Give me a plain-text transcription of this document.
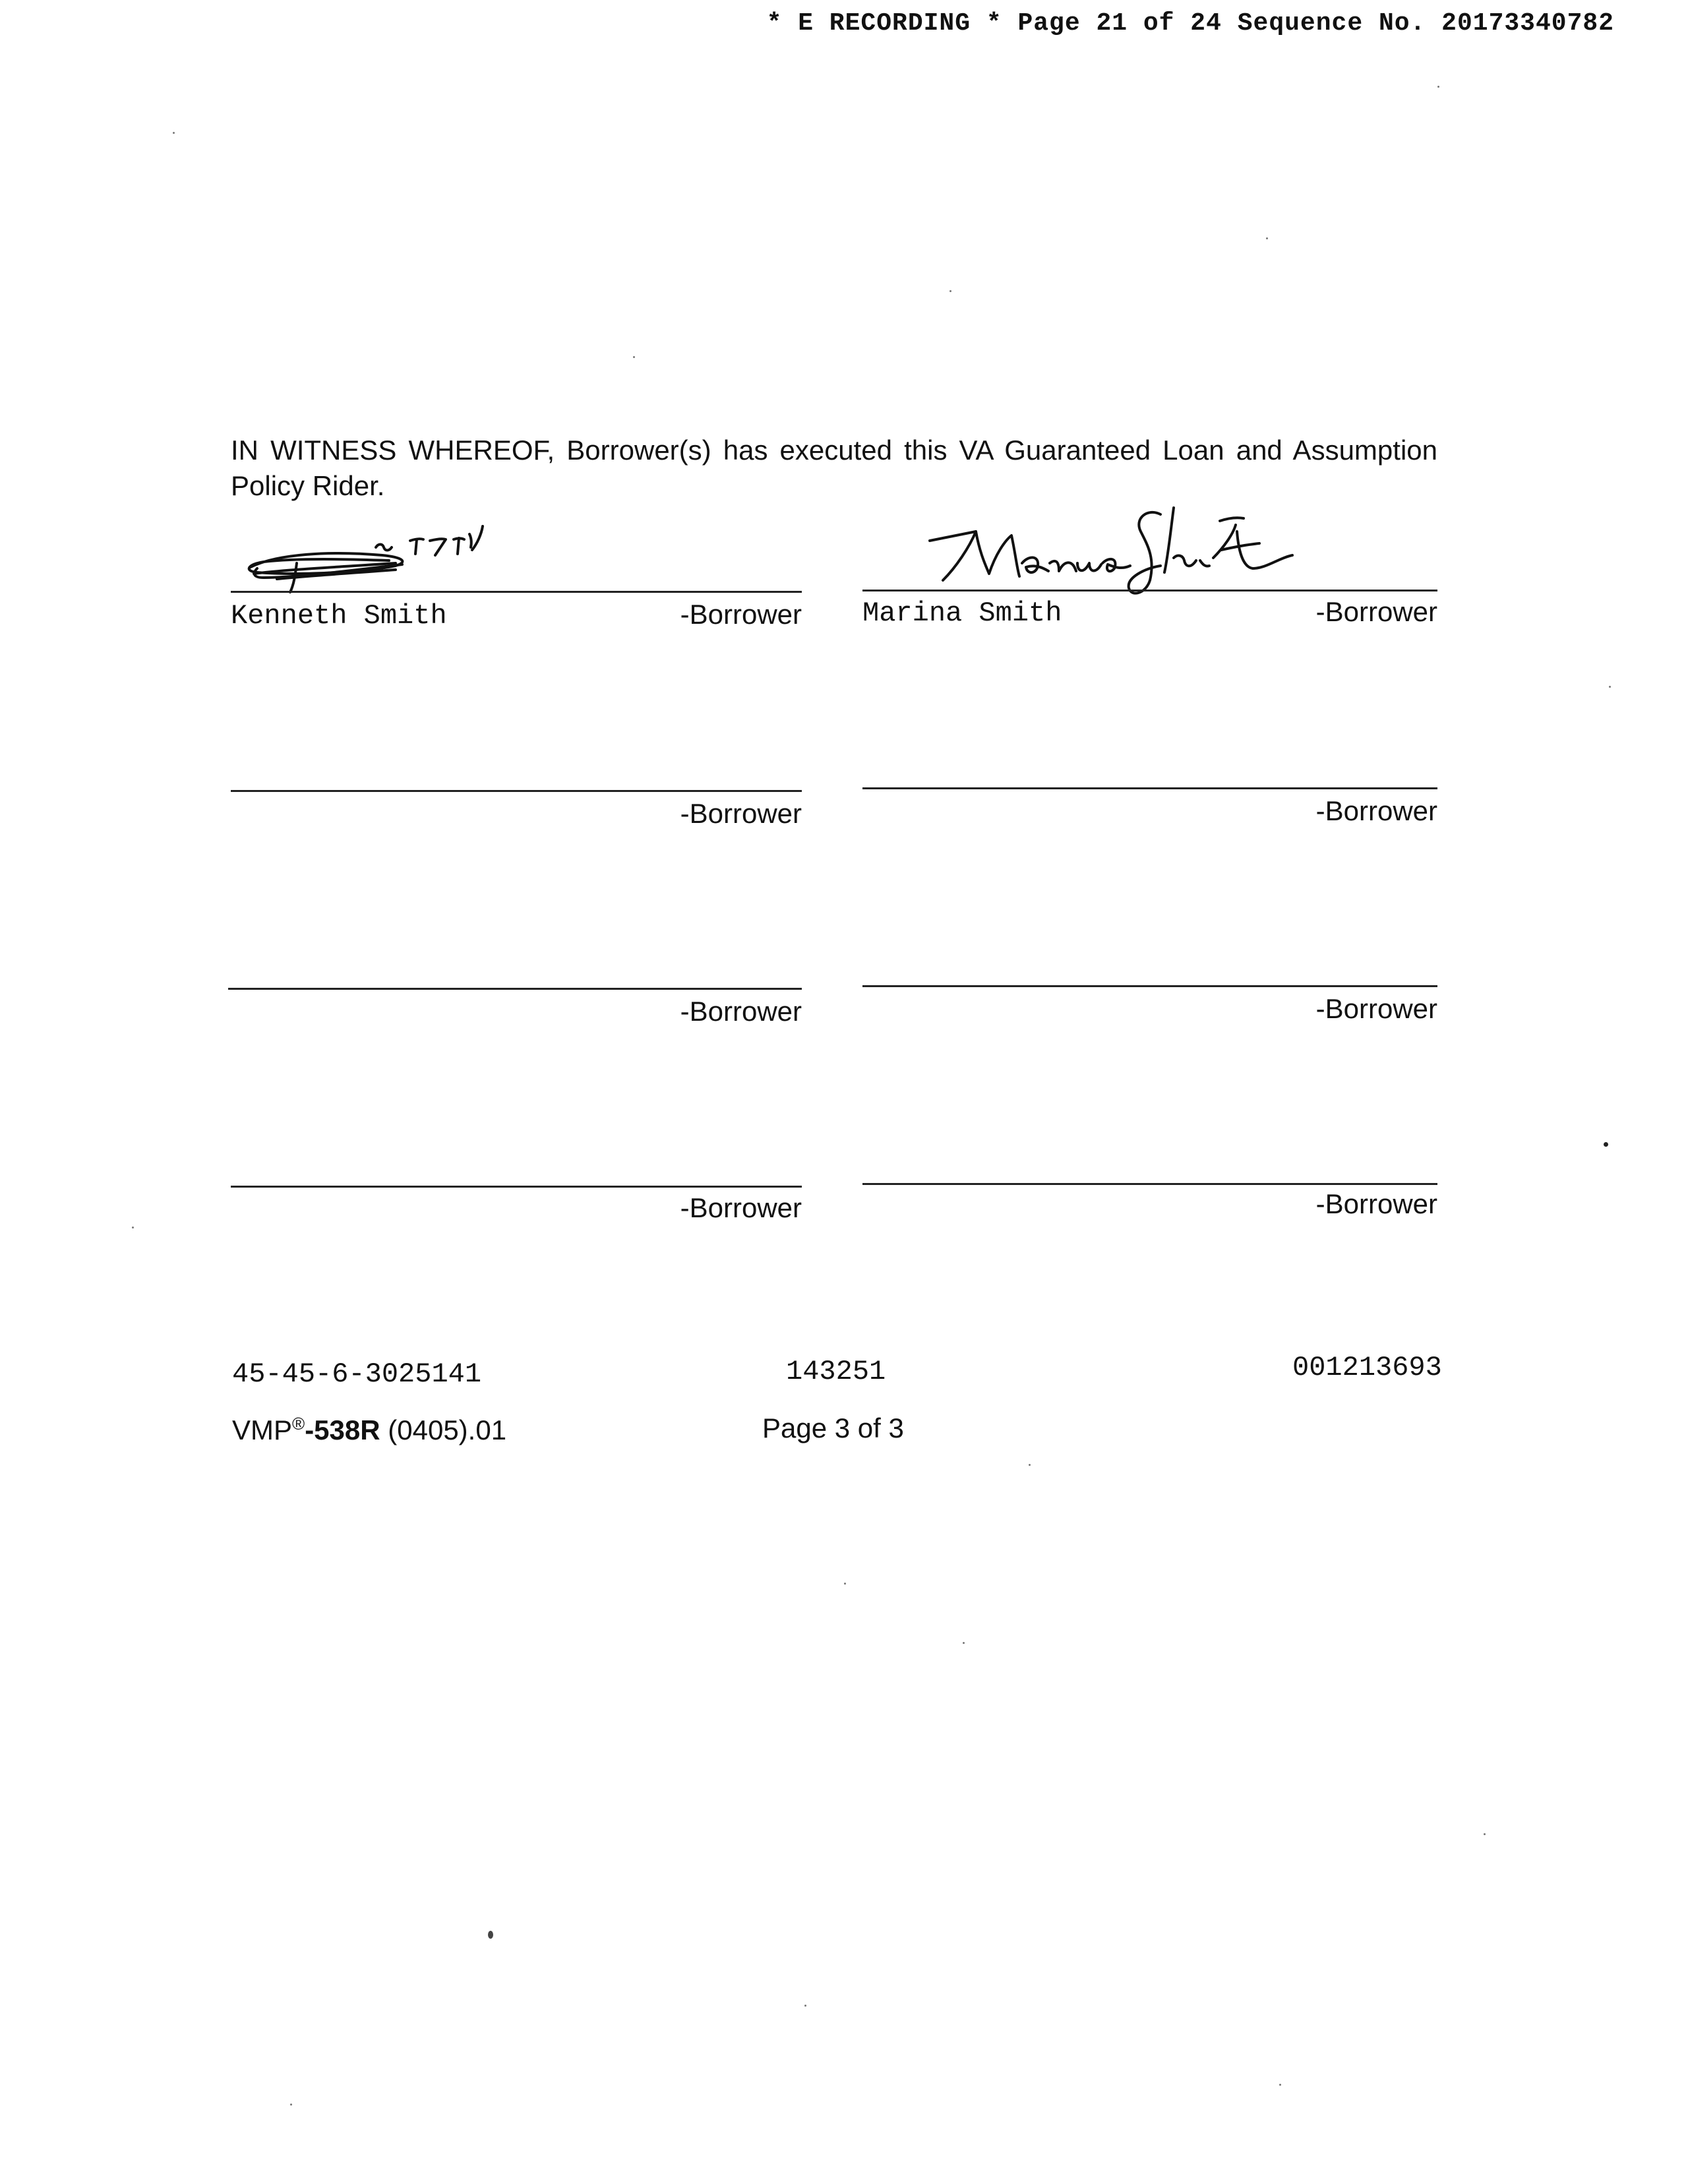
* E RECORDING * Page 21 of 24 Sequence No. 20173340782
IN WITNESS WHEREOF, Borrower(s) has executed this VA Guaranteed Loan and Assumption Policy Rider.
Kenneth Smith	-Borrower Marina Smith	-Borrower
-Borrower	-Borrower
-Borrower	-Borrower
-Borrower	-Borrower
45-45-6-3025141	143251	001213693
VMP®-538R (0405).01	Page 3 of 3
